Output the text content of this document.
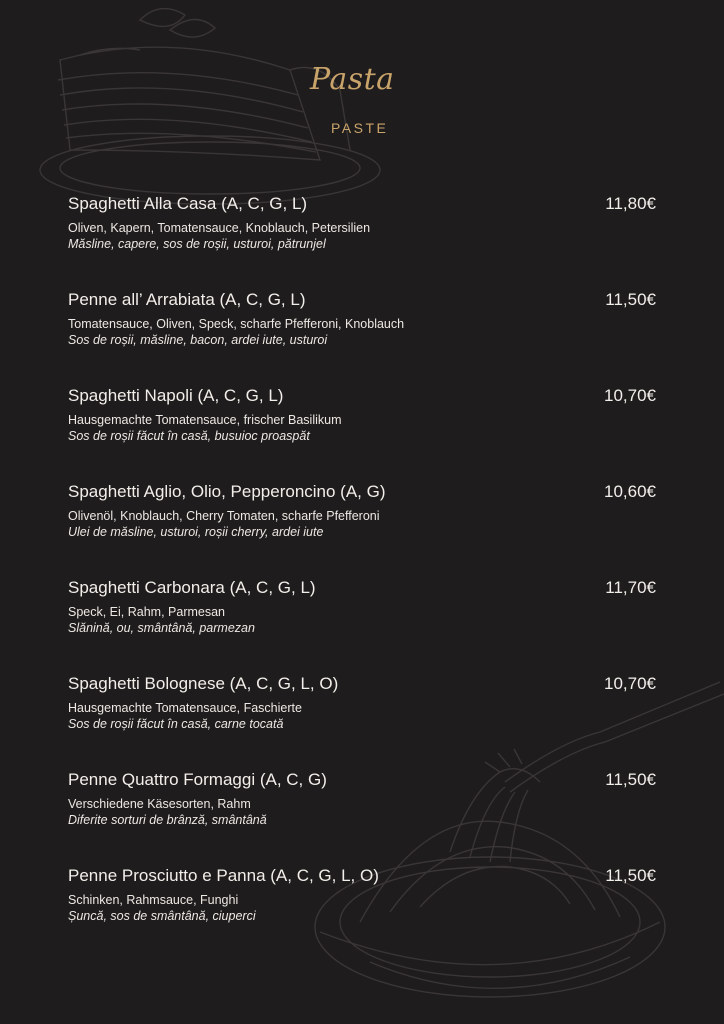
Pasta
PASTE
Spaghetti Alla Casa (A, C, G, L)	11,80€
Oliven, Kapern, Tomatensauce, Knoblauch, Petersilien
Măsline, capere, sos de roșii, usturoi, pătrunjel
Penne all’ Arrabiata (A, C, G, L)	11,50€
Tomatensauce, Oliven, Speck, scharfe Pfefferoni, Knoblauch
Sos de roșii, măsline, bacon, ardei iute, usturoi
Spaghetti Napoli (A, C, G, L)	10,70€
Hausgemachte Tomatensauce, frischer Basilikum
Sos de roșii făcut în casă, busuioc proaspăt
Spaghetti Aglio, Olio, Pepperoncino (A, G)	10,60€
Olivenöl, Knoblauch, Cherry Tomaten, scharfe Pfefferoni
Ulei de măsline, usturoi, roșii cherry, ardei iute
Spaghetti Carbonara (A, C, G, L)	11,70€
Speck, Ei, Rahm, Parmesan
Slănină, ou, smântână, parmezan
Spaghetti Bolognese (A, C, G, L, O)	10,70€
Hausgemachte Tomatensauce, Faschierte
Sos de roșii făcut în casă, carne tocată
Penne Quattro Formaggi (A, C, G)	11,50€
Verschiedene Käsesorten, Rahm
Diferite sorturi de brânză, smântână
Penne Prosciutto e Panna (A, C, G, L, O)	11,50€
Schinken, Rahmsauce, Funghi
Șuncă, sos de smântână, ciuperci
